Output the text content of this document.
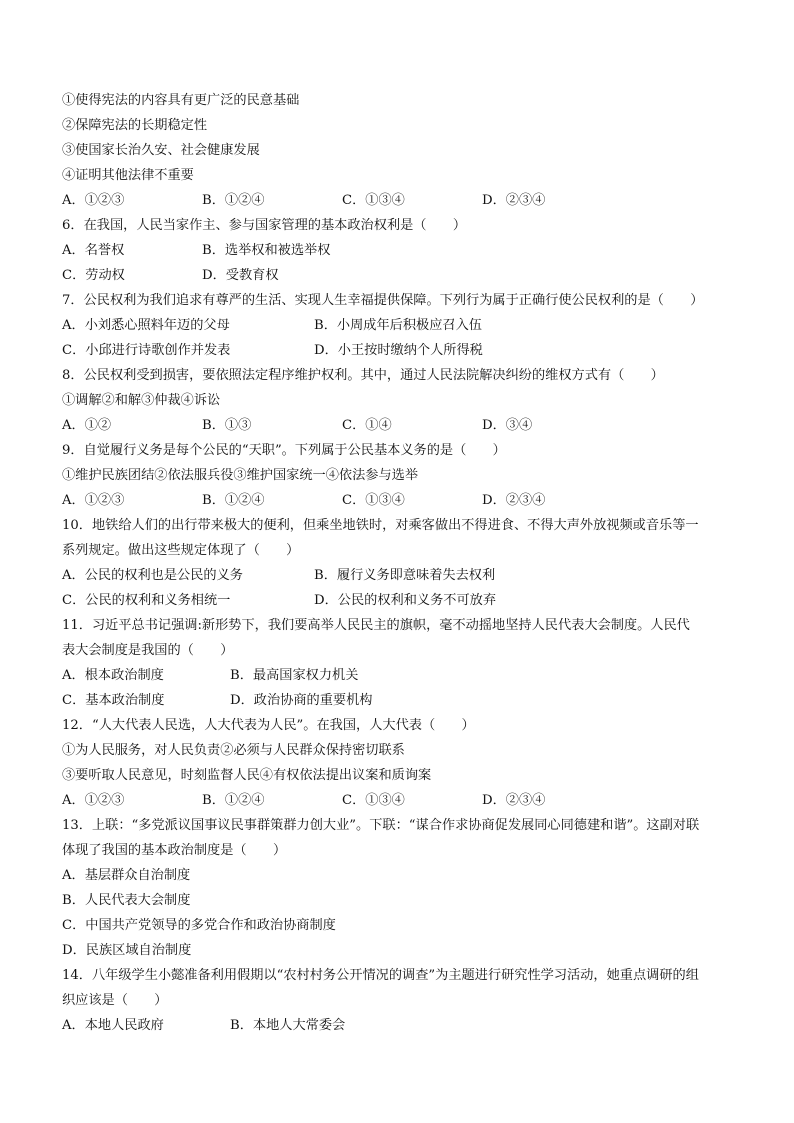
①使得宪法的内容具有更广泛的民意基础
②保障宪法的长期稳定性
③使国家长治久安、社会健康发展
④证明其他法律不重要
A．①②③	B．①②④	C．①③④	D．②③④
6．在我国，人民当家作主、参与国家管理的基本政治权利是（　　）
A．名誉权	B．选举权和被选举权
C．劳动权	D．受教育权
7．公民权利为我们追求有尊严的生活、实现人生幸福提供保障。下列行为属于正确行使公民权利的是（　　）
A．小刘悉心照料年迈的父母	B．小周成年后积极应召入伍
C．小邱进行诗歌创作并发表	D．小王按时缴纳个人所得税
8．公民权利受到损害，要依照法定程序维护权利。其中，通过人民法院解决纠纷的维权方式有（　　）
①调解②和解③仲裁④诉讼
A．①②	B．①③	C．①④	D．③④
9．自觉履行义务是每个公民的“天职”。下列属于公民基本义务的是（　　）
①维护民族团结②依法服兵役③维护国家统一④依法参与选举
A．①②③	B．①②④	C．①③④	D．②③④
10．地铁给人们的出行带来极大的便利，但乘坐地铁时，对乘客做出不得进食、不得大声外放视频或音乐等一
系列规定。做出这些规定体现了（　　）
A．公民的权利也是公民的义务	B．履行义务即意味着失去权利
C．公民的权利和义务相统一	D．公民的权利和义务不可放弃
11．习近平总书记强调:新形势下，我们要高举人民民主的旗帜，毫不动摇地坚持人民代表大会制度。人民代
表大会制度是我国的（　　）
A．根本政治制度	B．最高国家权力机关
C．基本政治制度	D．政治协商的重要机构
12．“人大代表人民选，人大代表为人民”。在我国，人大代表（　　）
①为人民服务，对人民负责②必须与人民群众保持密切联系
③要听取人民意见，时刻监督人民④有权依法提出议案和质询案
A．①②③	B．①②④	C．①③④	D．②③④
13．上联：“多党派议国事议民事群策群力创大业”。下联：“谋合作求协商促发展同心同德建和谐”。这副对联
体现了我国的基本政治制度是（　　）
A．基层群众自治制度
B．人民代表大会制度
C．中国共产党领导的多党合作和政治协商制度
D．民族区域自治制度
14．八年级学生小懿准备利用假期以“农村村务公开情况的调查”为主题进行研究性学习活动，她重点调研的组
织应该是（　　）
A．本地人民政府	B．本地人大常委会
